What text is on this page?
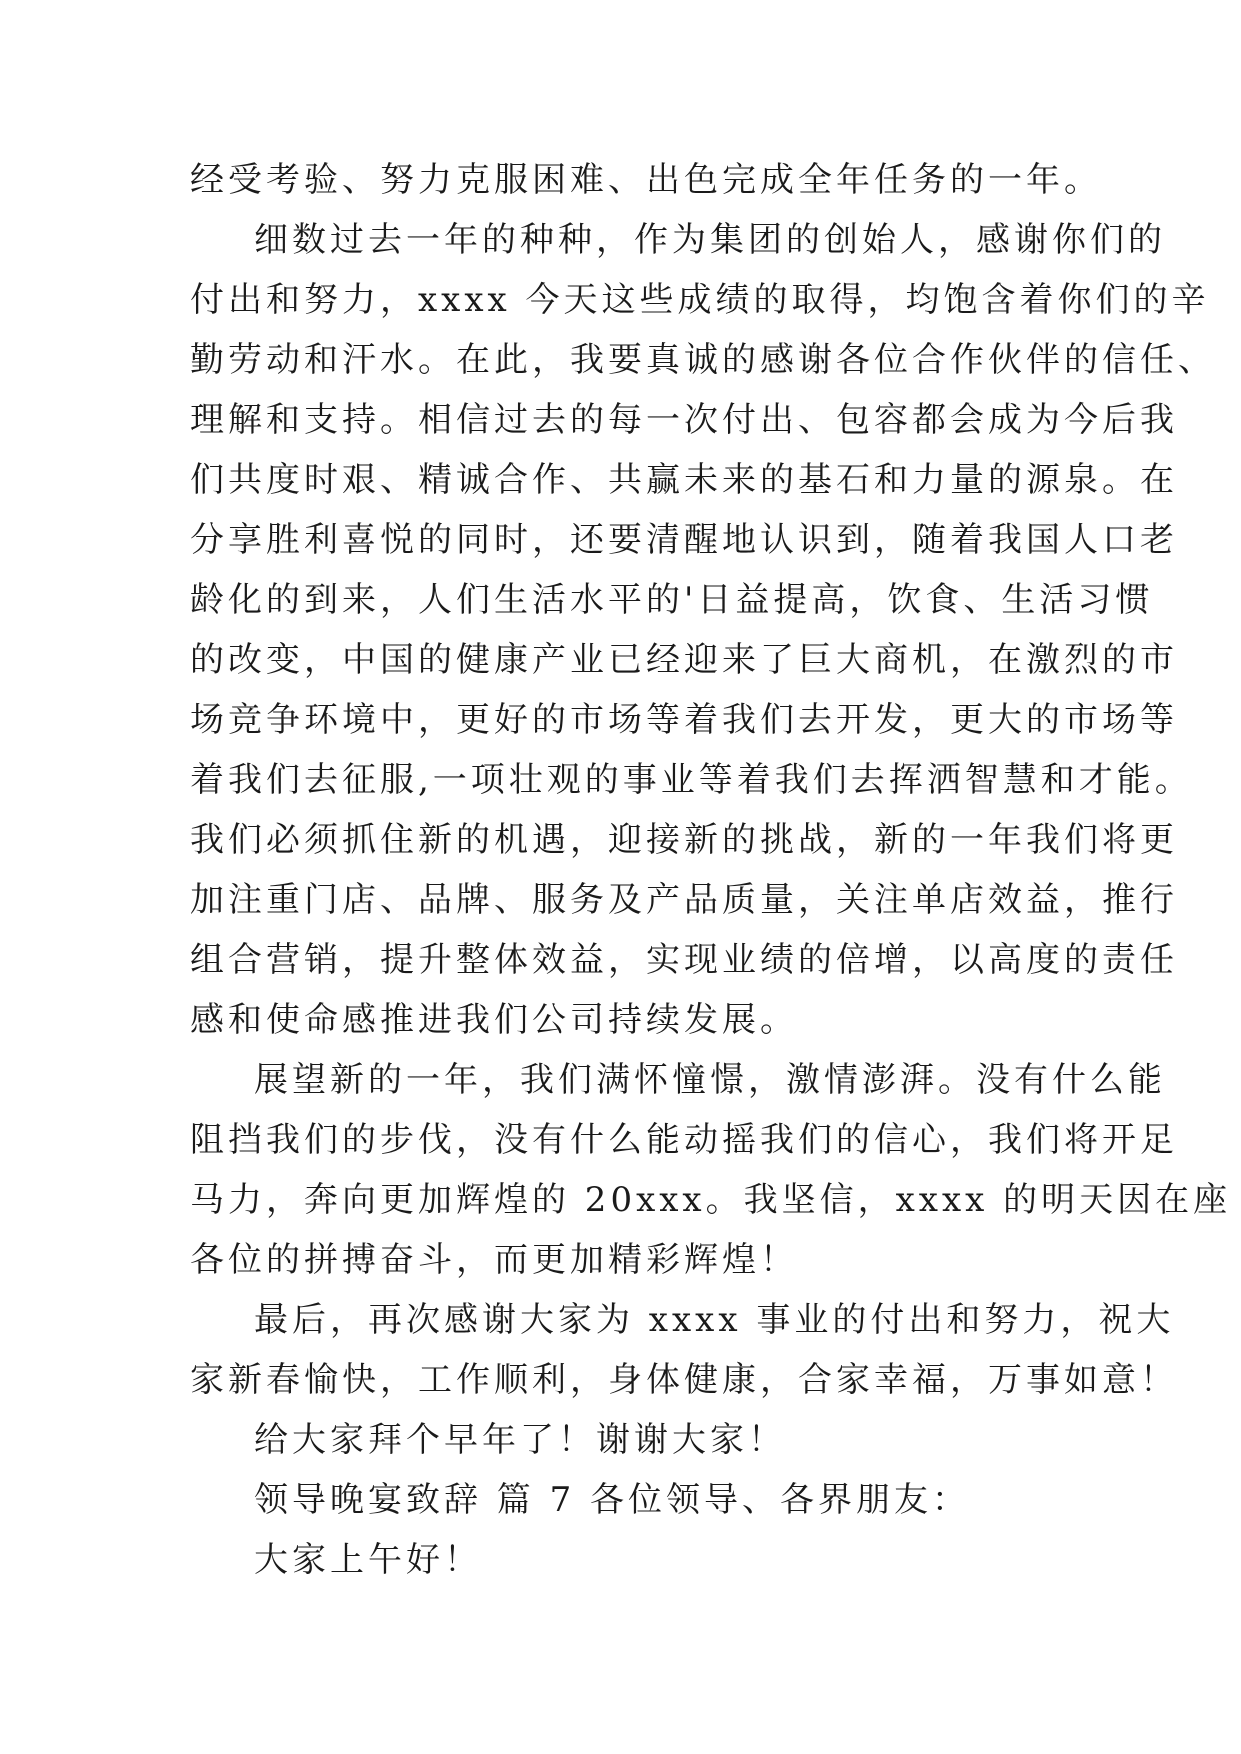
经受考验、努力克服困难、出色完成全年任务的一年。
细数过去一年的种种，作为集团的创始人，感谢你们的
付出和努力，xxxx 今天这些成绩的取得，均饱含着你们的辛
勤劳动和汗水。在此，我要真诚的感谢各位合作伙伴的信任、
理解和支持。相信过去的每一次付出、包容都会成为今后我
们共度时艰、精诚合作、共赢未来的基石和力量的源泉。在
分享胜利喜悦的同时，还要清醒地认识到，随着我国人口老
龄化的到来，人们生活水平的'日益提高，饮食、生活习惯
的改变，中国的健康产业已经迎来了巨大商机，在激烈的市
场竞争环境中，更好的市场等着我们去开发，更大的市场等
着我们去征服,一项壮观的事业等着我们去挥洒智慧和才能。
我们必须抓住新的机遇，迎接新的挑战，新的一年我们将更
加注重门店、品牌、服务及产品质量，关注单店效益，推行
组合营销，提升整体效益，实现业绩的倍增，以高度的责任
感和使命感推进我们公司持续发展。
展望新的一年，我们满怀憧憬，激情澎湃。没有什么能
阻挡我们的步伐，没有什么能动摇我们的信心，我们将开足
马力，奔向更加辉煌的 20xxx。我坚信，xxxx 的明天因在座
各位的拼搏奋斗，而更加精彩辉煌！
最后，再次感谢大家为 xxxx 事业的付出和努力，祝大
家新春愉快，工作顺利，身体健康，合家幸福，万事如意！
给大家拜个早年了！谢谢大家！
领导晚宴致辞 篇 7 各位领导、各界朋友：
大家上午好！
